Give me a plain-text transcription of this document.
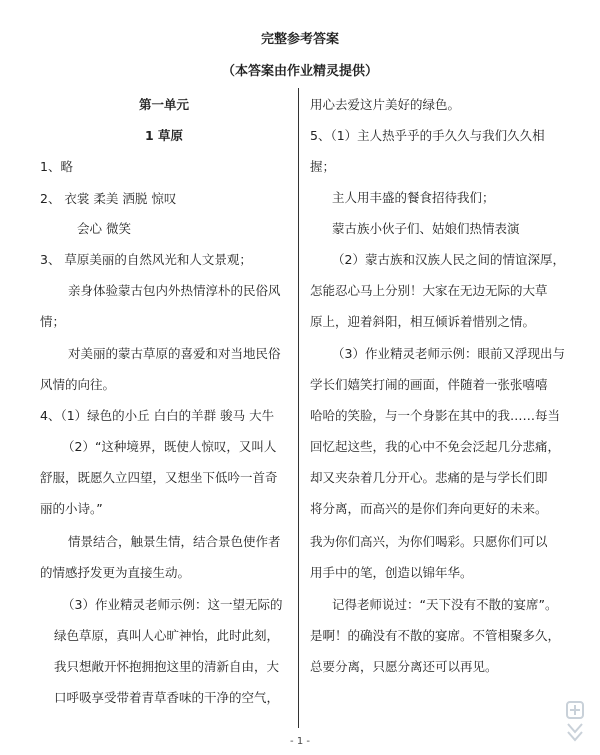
完整参考答案
（本答案由作业精灵提供）
第一单元
1 草原
1、略
2、 衣裳 柔美 洒脱 惊叹
会心 微笑
3、 草原美丽的自然风光和人文景观；
亲身体验蒙古包内外热情淳朴的民俗风
情；
对美丽的蒙古草原的喜爱和对当地民俗
风情的向往。
4、（1）绿色的小丘 白白的羊群 骏马 大牛
（2）“这种境界，既使人惊叹，又叫人
舒服，既愿久立四望，又想坐下低吟一首奇
丽的小诗。”
情景结合，触景生情，结合景色使作者
的情感抒发更为直接生动。
（3）作业精灵老师示例：这一望无际的
绿色草原，真叫人心旷神怡，此时此刻，
我只想敞开怀抱拥抱这里的清新自由，大
口呼吸享受带着青草香味的干净的空气，
用心去爱这片美好的绿色。
5、（1）主人热乎乎的手久久与我们久久相
握；
主人用丰盛的餐食招待我们；
蒙古族小伙子们、姑娘们热情表演
（2）蒙古族和汉族人民之间的情谊深厚，
怎能忍心马上分别！大家在无边无际的大草
原上，迎着斜阳，相互倾诉着惜别之情。
（3）作业精灵老师示例：眼前又浮现出与
学长们嬉笑打闹的画面，伴随着一张张嘻嘻
哈哈的笑脸，与一个身影在其中的我……每当
回忆起这些，我的心中不免会泛起几分悲痛，
却又夹杂着几分开心。悲痛的是与学长们即
将分离，而高兴的是你们奔向更好的未来。
我为你们高兴，为你们喝彩。只愿你们可以
用手中的笔，创造以锦年华。
记得老师说过：“天下没有不散的宴席”。
是啊！的确没有不散的宴席。不管相聚多久，
总要分离，只愿分离还可以再见。
- 1 -
